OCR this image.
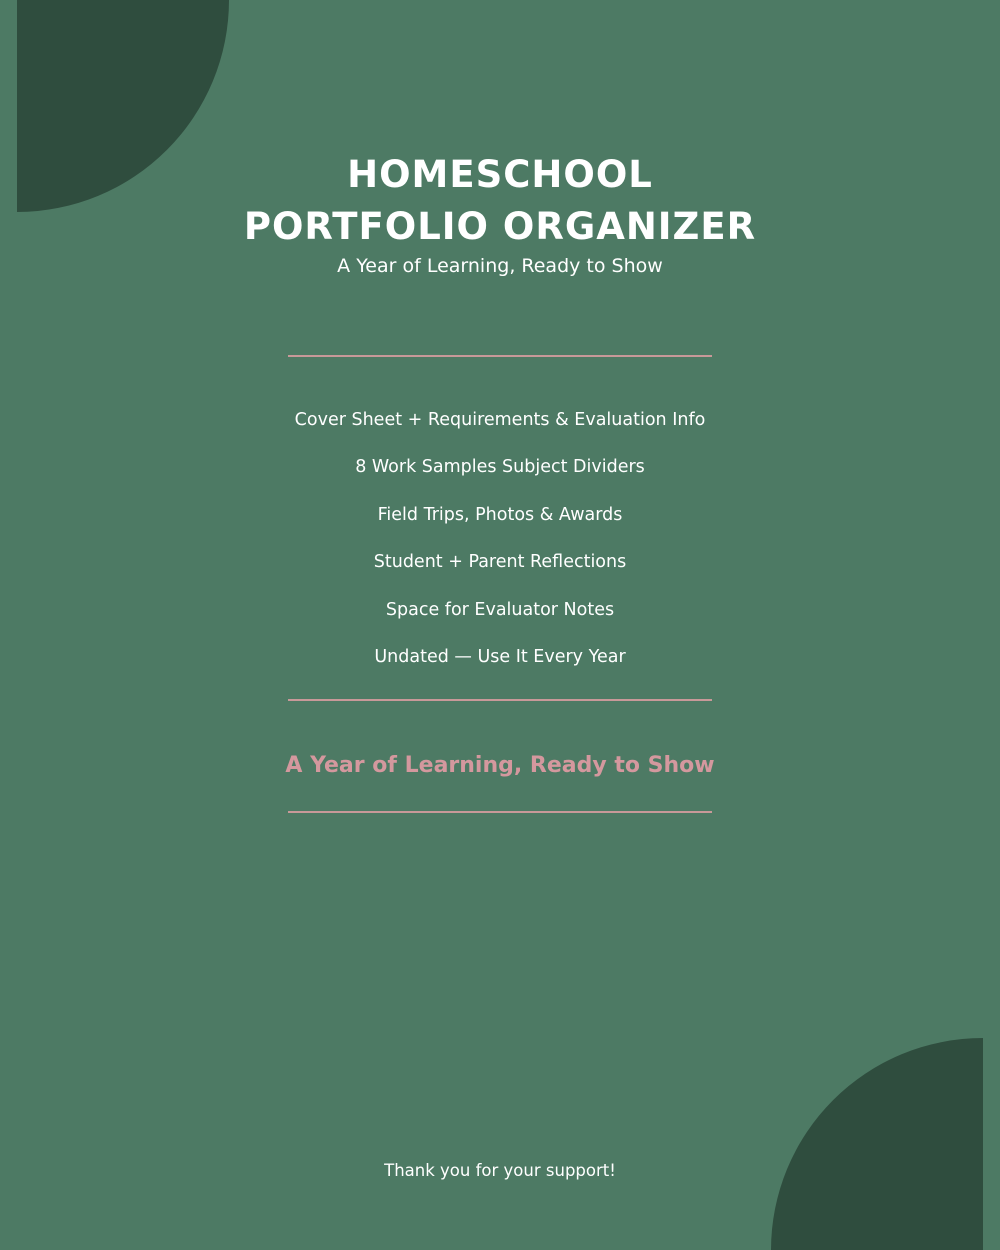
HOMESCHOOL
PORTFOLIO ORGANIZER
A Year of Learning, Ready to Show
Cover Sheet + Requirements & Evaluation Info
8 Work Samples Subject Dividers
Field Trips, Photos & Awards
Student + Parent Reflections
Space for Evaluator Notes
Undated — Use It Every Year
A Year of Learning, Ready to Show
Thank you for your support!
